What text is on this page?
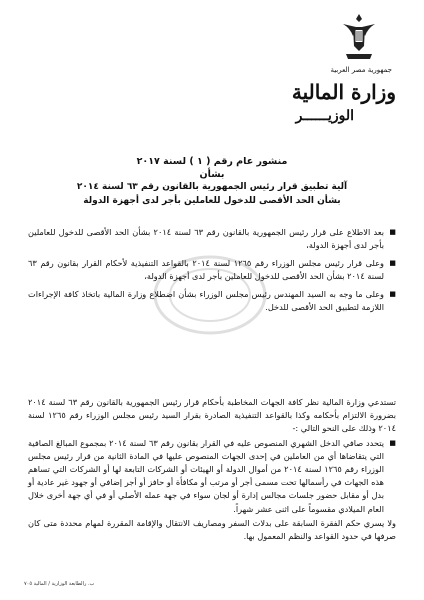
جمهورية مصر العربية
وزارة المالية
الوزيــــــر
منشور عام رقم ( ١ ) لسنة ٢٠١٧
بشأن
آلية تطبيق قرار رئيس الجمهورية بالقانون رقم ٦٣ لسنة ٢٠١٤
بشأن الحد الأقصى للدخول للعاملين بأجر لدى أجهزة الدولة
■ بعد الاطلاع على قرار رئيس الجمهورية بالقانون رقم ٦٣ لسنة ٢٠١٤ بشأن الحد الأقصى للدخول للعاملين بأجر لدى أجهزة الدولة،
■ وعلى قرار رئيس مجلس الوزراء رقم ١٢٦٥ لسنة ٢٠١٤ بالقواعد التنفيذية لأحكام القرار بقانون رقم ٦٣ لسنة ٢٠١٤ بشأن الحد الأقصى للدخول للعاملين بأجر لدى أجهزة الدولة،
■ وعلى ما وجه به السيد المهندس رئيس مجلس الوزراء بشأن اضطلاع وزارة المالية باتخاذ كافة الإجراءات اللازمة لتطبيق الحد الأقصى للدخل.

تستدعي وزارة المالية نظر كافة الجهات المخاطبة بأحكام قرار رئيس الجمهورية بالقانون رقم ٦٣ لسنة ٢٠١٤ بضرورة الالتزام بأحكامه وكذا بالقواعد التنفيذية الصادرة بقرار السيد رئيس مجلس الوزراء رقم ١٢٦٥ لسنة ٢٠١٤ وذلك على النحو التالي :-

■ يتحدد صافي الدخل الشهري المنصوص عليه في القرار بقانون رقم ٦٣ لسنة ٢٠١٤ بمجموع المبالغ الصافية التي يتقاضاها أي من العاملين في إحدى الجهات المنصوص عليها في المادة الثانية من قرار رئيس مجلس الوزراء رقم ١٢٦٥ لسنة ٢٠١٤ من أموال الدولة أو الهيئات أو الشركات التابعة لها أو الشركات التي تساهم هذه الجهات في رأسمالها تحت مسمى أجر أو مرتب أو مكافأة أو حافز أو أجر إضافي أو جهود غير عادية أو بدل أو مقابل حضور جلسات مجالس إدارة أو لجان سواء في جهة عمله الأصلي أو في أي جهة أخرى خلال العام الميلادي مقسوماً على اثنى عشر شهراً.

ولا يسري حكم الفقرة السابقة على بدلات السفر ومصاريف الانتقال والإقامة المقررة لمهام محددة متى كان صرفها في حدود القواعد والنظم المعمول بها.

ب. رالطابعة الوزارية / المالية ٧٠٥
